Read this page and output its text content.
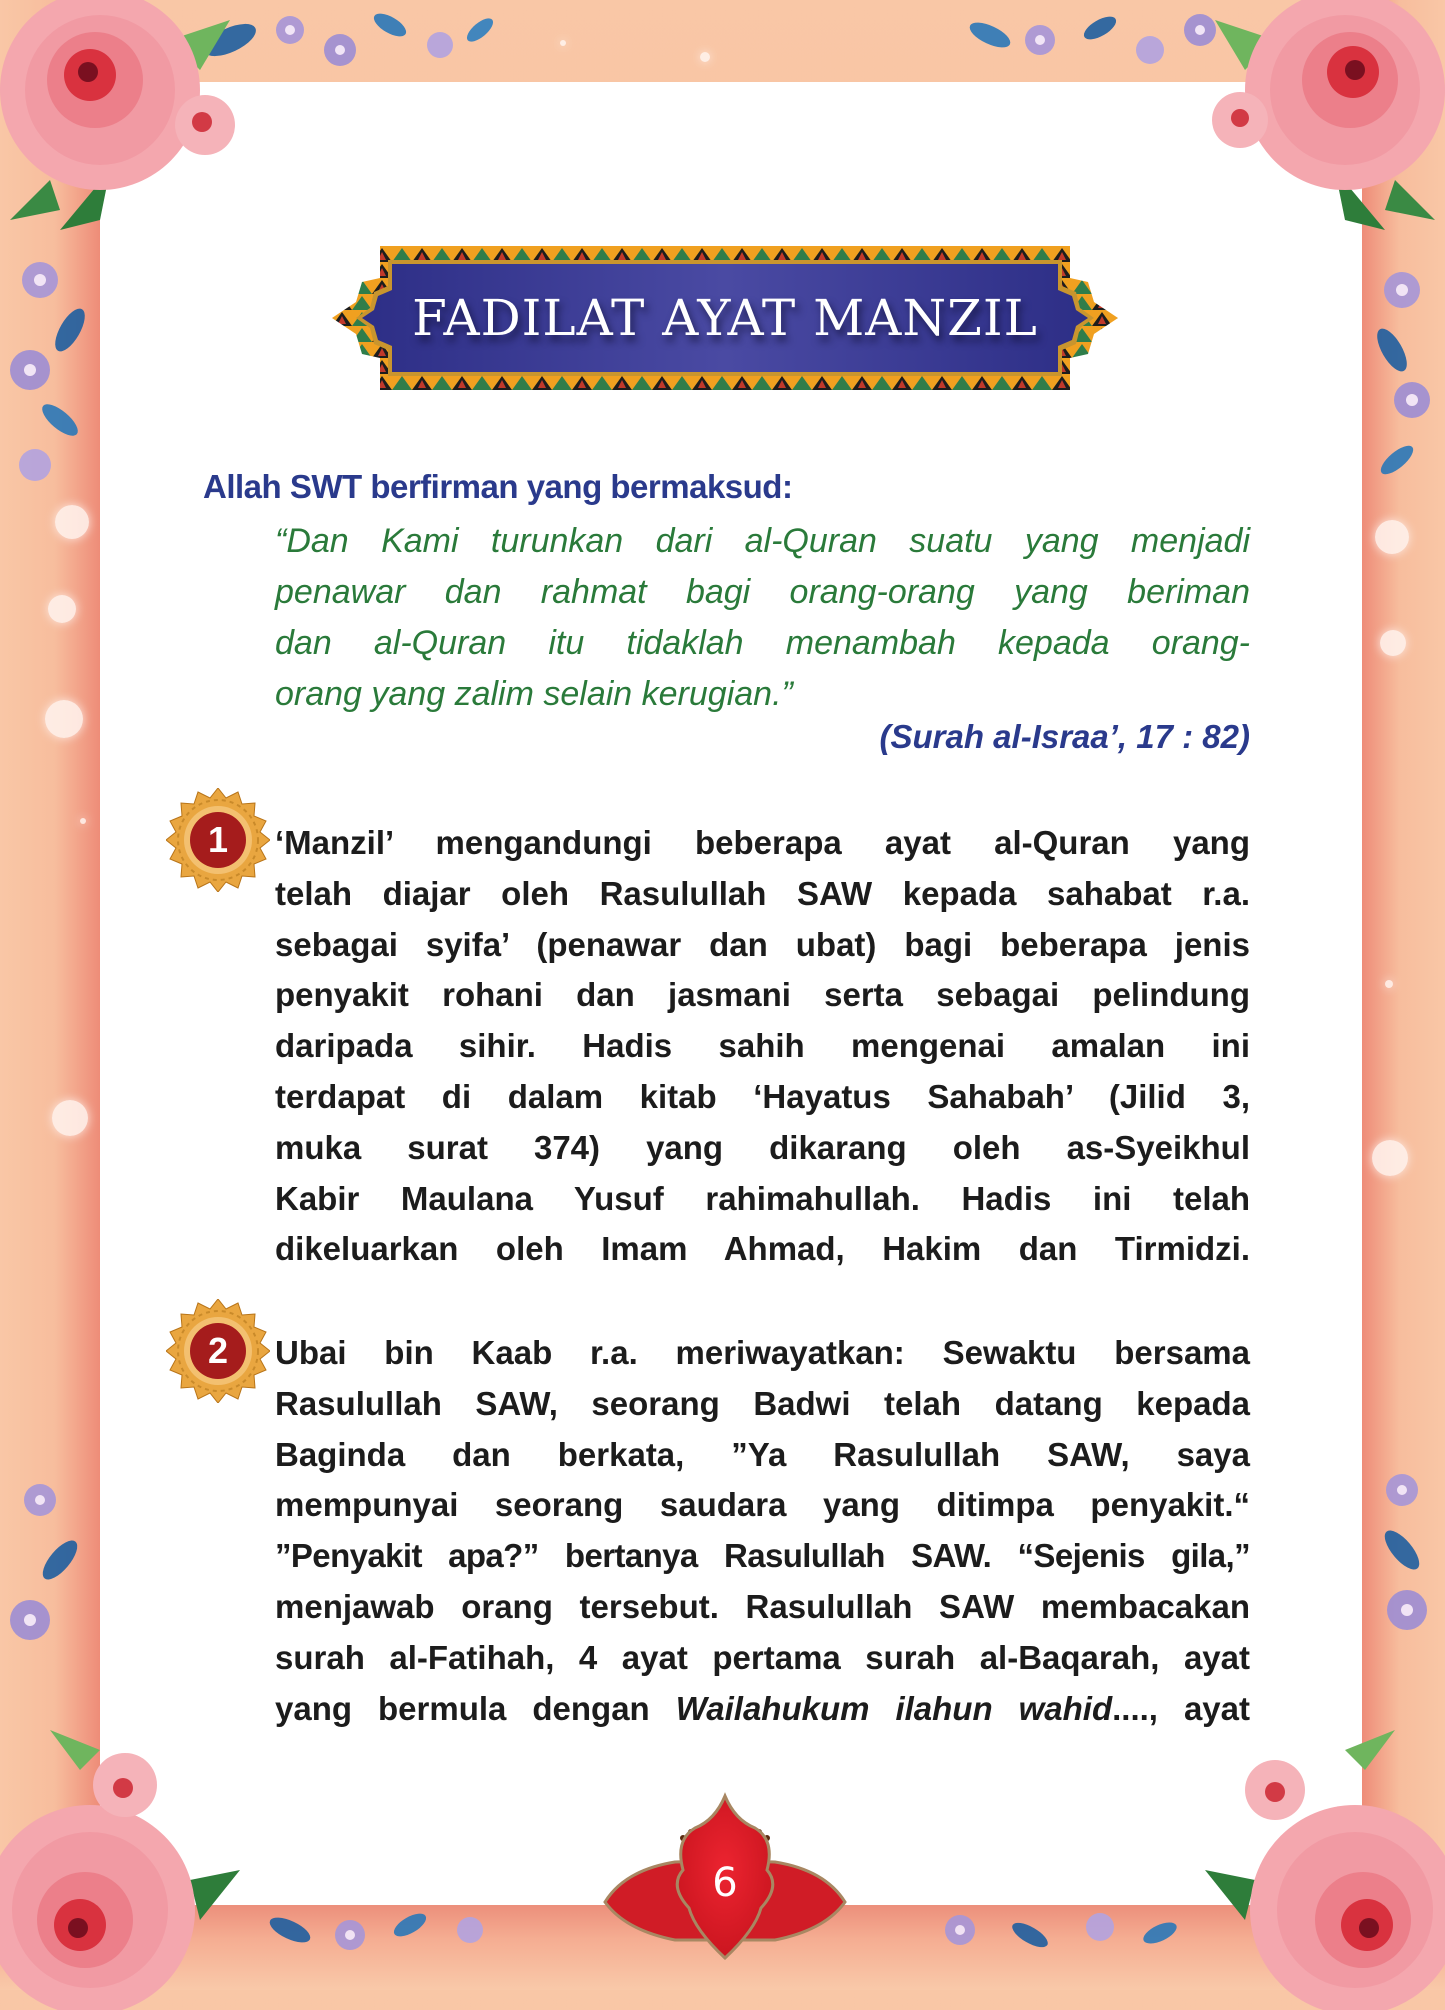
FADILAT AYAT MANZIL
Allah SWT berfirman yang bermaksud:
“Dan Kami turunkan dari al-Quran suatu yang menjadi
penawar dan rahmat bagi orang-orang yang beriman
dan al-Quran itu tidaklah menambah kepada orang-
orang yang zalim selain kerugian.”
(Surah al-Israa’, 17 : 82)
1	‘Manzil’ mengandungi beberapa ayat al-Quran yang
telah diajar oleh Rasulullah SAW kepada sahabat r.a.
sebagai syifa’ (penawar dan ubat) bagi beberapa jenis
penyakit rohani dan jasmani serta sebagai pelindung
daripada sihir. Hadis sahih mengenai amalan ini
terdapat di dalam kitab ‘Hayatus Sahabah’ (Jilid 3,
muka surat 374) yang dikarang oleh as-Syeikhul
Kabir Maulana Yusuf rahimahullah. Hadis ini telah
dikeluarkan oleh Imam Ahmad, Hakim dan Tirmidzi.
2	Ubai bin Kaab r.a. meriwayatkan: Sewaktu bersama
Rasulullah SAW, seorang Badwi telah datang kepada
Baginda dan berkata, ”Ya Rasulullah SAW, saya
mempunyai seorang saudara yang ditimpa penyakit.“
”Penyakit apa?” bertanya Rasulullah SAW. “Sejenis gila,”
menjawab orang tersebut. Rasulullah SAW membacakan
surah al-Fatihah, 4 ayat pertama surah al-Baqarah, ayat
yang bermula dengan Wailahukum ilahun wahid...., ayat
6
